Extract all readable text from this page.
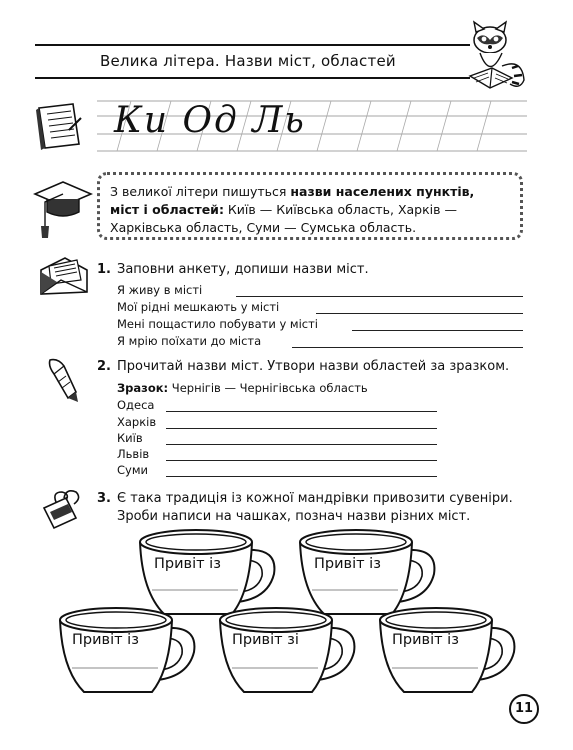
Велика літера. Назви міст, областей
Ки Од Ль
З великої літери пишуться назви населених пунктів,
міст і областей: Київ — Київська область, Харків —
Харківська область, Суми — Сумська область.
1. Заповни анкету, допиши назви міст.
Я живу в місті
Мої рідні мешкають у місті
Мені пощастило побувати у місті
Я мрію поїхати до міста
2. Прочитай назви міст. Утвори назви областей за зразком.
Зразок: Чернігів — Чернігівська область
Одеса
Харків
Київ
Львів
Суми
3. Є така традиція із кожної мандрівки привозити сувеніри.
Зроби написи на чашках, познач назви різних міст.
Привіт із	Привіт із
Привіт із	Привіт зі	Привіт із
11
